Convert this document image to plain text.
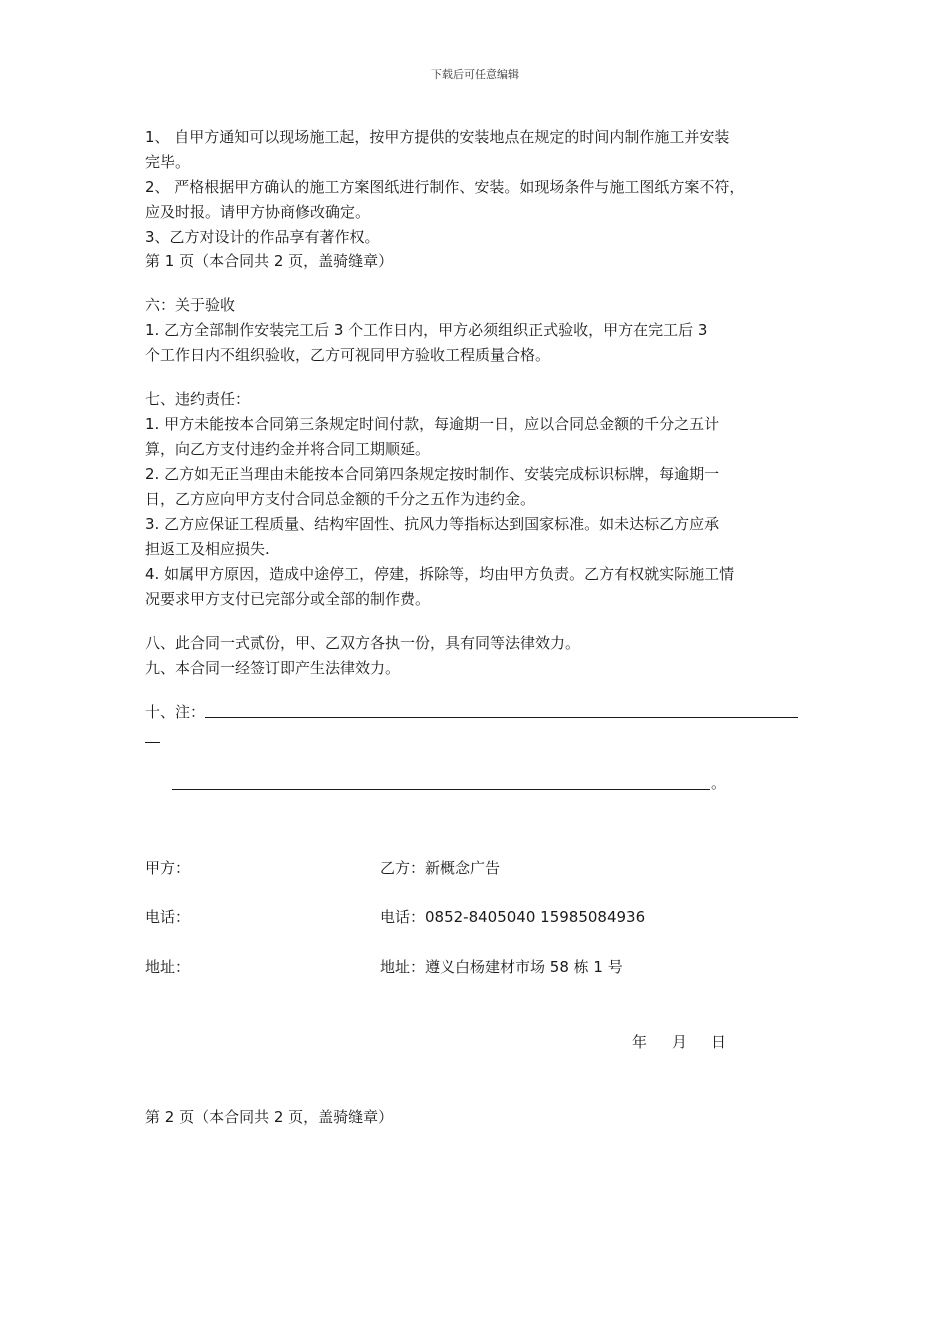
下载后可任意编辑
1、 自甲方通知可以现场施工起，按甲方提供的安装地点在规定的时间内制作施工并安装
完毕。
2、 严格根据甲方确认的施工方案图纸进行制作、安装。如现场条件与施工图纸方案不符，
应及时报。请甲方协商修改确定。
3、乙方对设计的作品享有著作权。
第 1 页（本合同共 2 页，盖骑缝章）
六：关于验收
1. 乙方全部制作安装完工后 3 个工作日内，甲方必须组织正式验收，甲方在完工后 3
个工作日内不组织验收，乙方可视同甲方验收工程质量合格。
七、违约责任：
1. 甲方未能按本合同第三条规定时间付款，每逾期一日，应以合同总金额的千分之五计
算，向乙方支付违约金并将合同工期顺延。
2. 乙方如无正当理由未能按本合同第四条规定按时制作、安装完成标识标牌，每逾期一
日，乙方应向甲方支付合同总金额的千分之五作为违约金。
3. 乙方应保证工程质量、结构牢固性、抗风力等指标达到国家标准。如未达标乙方应承
担返工及相应损失.
4. 如属甲方原因，造成中途停工，停建，拆除等，均由甲方负责。乙方有权就实际施工情
况要求甲方支付已完部分或全部的制作费。
八、此合同一式贰份，甲、乙双方各执一份，具有同等法律效力。
九、本合同一经签订即产生法律效力。
十、注：
。
甲方：	乙方：新概念广告
电话：	电话：0852-8405040 15985084936
地址：	地址：遵义白杨建材市场 58 栋 1 号
年 月 日
第 2 页（本合同共 2 页，盖骑缝章）
